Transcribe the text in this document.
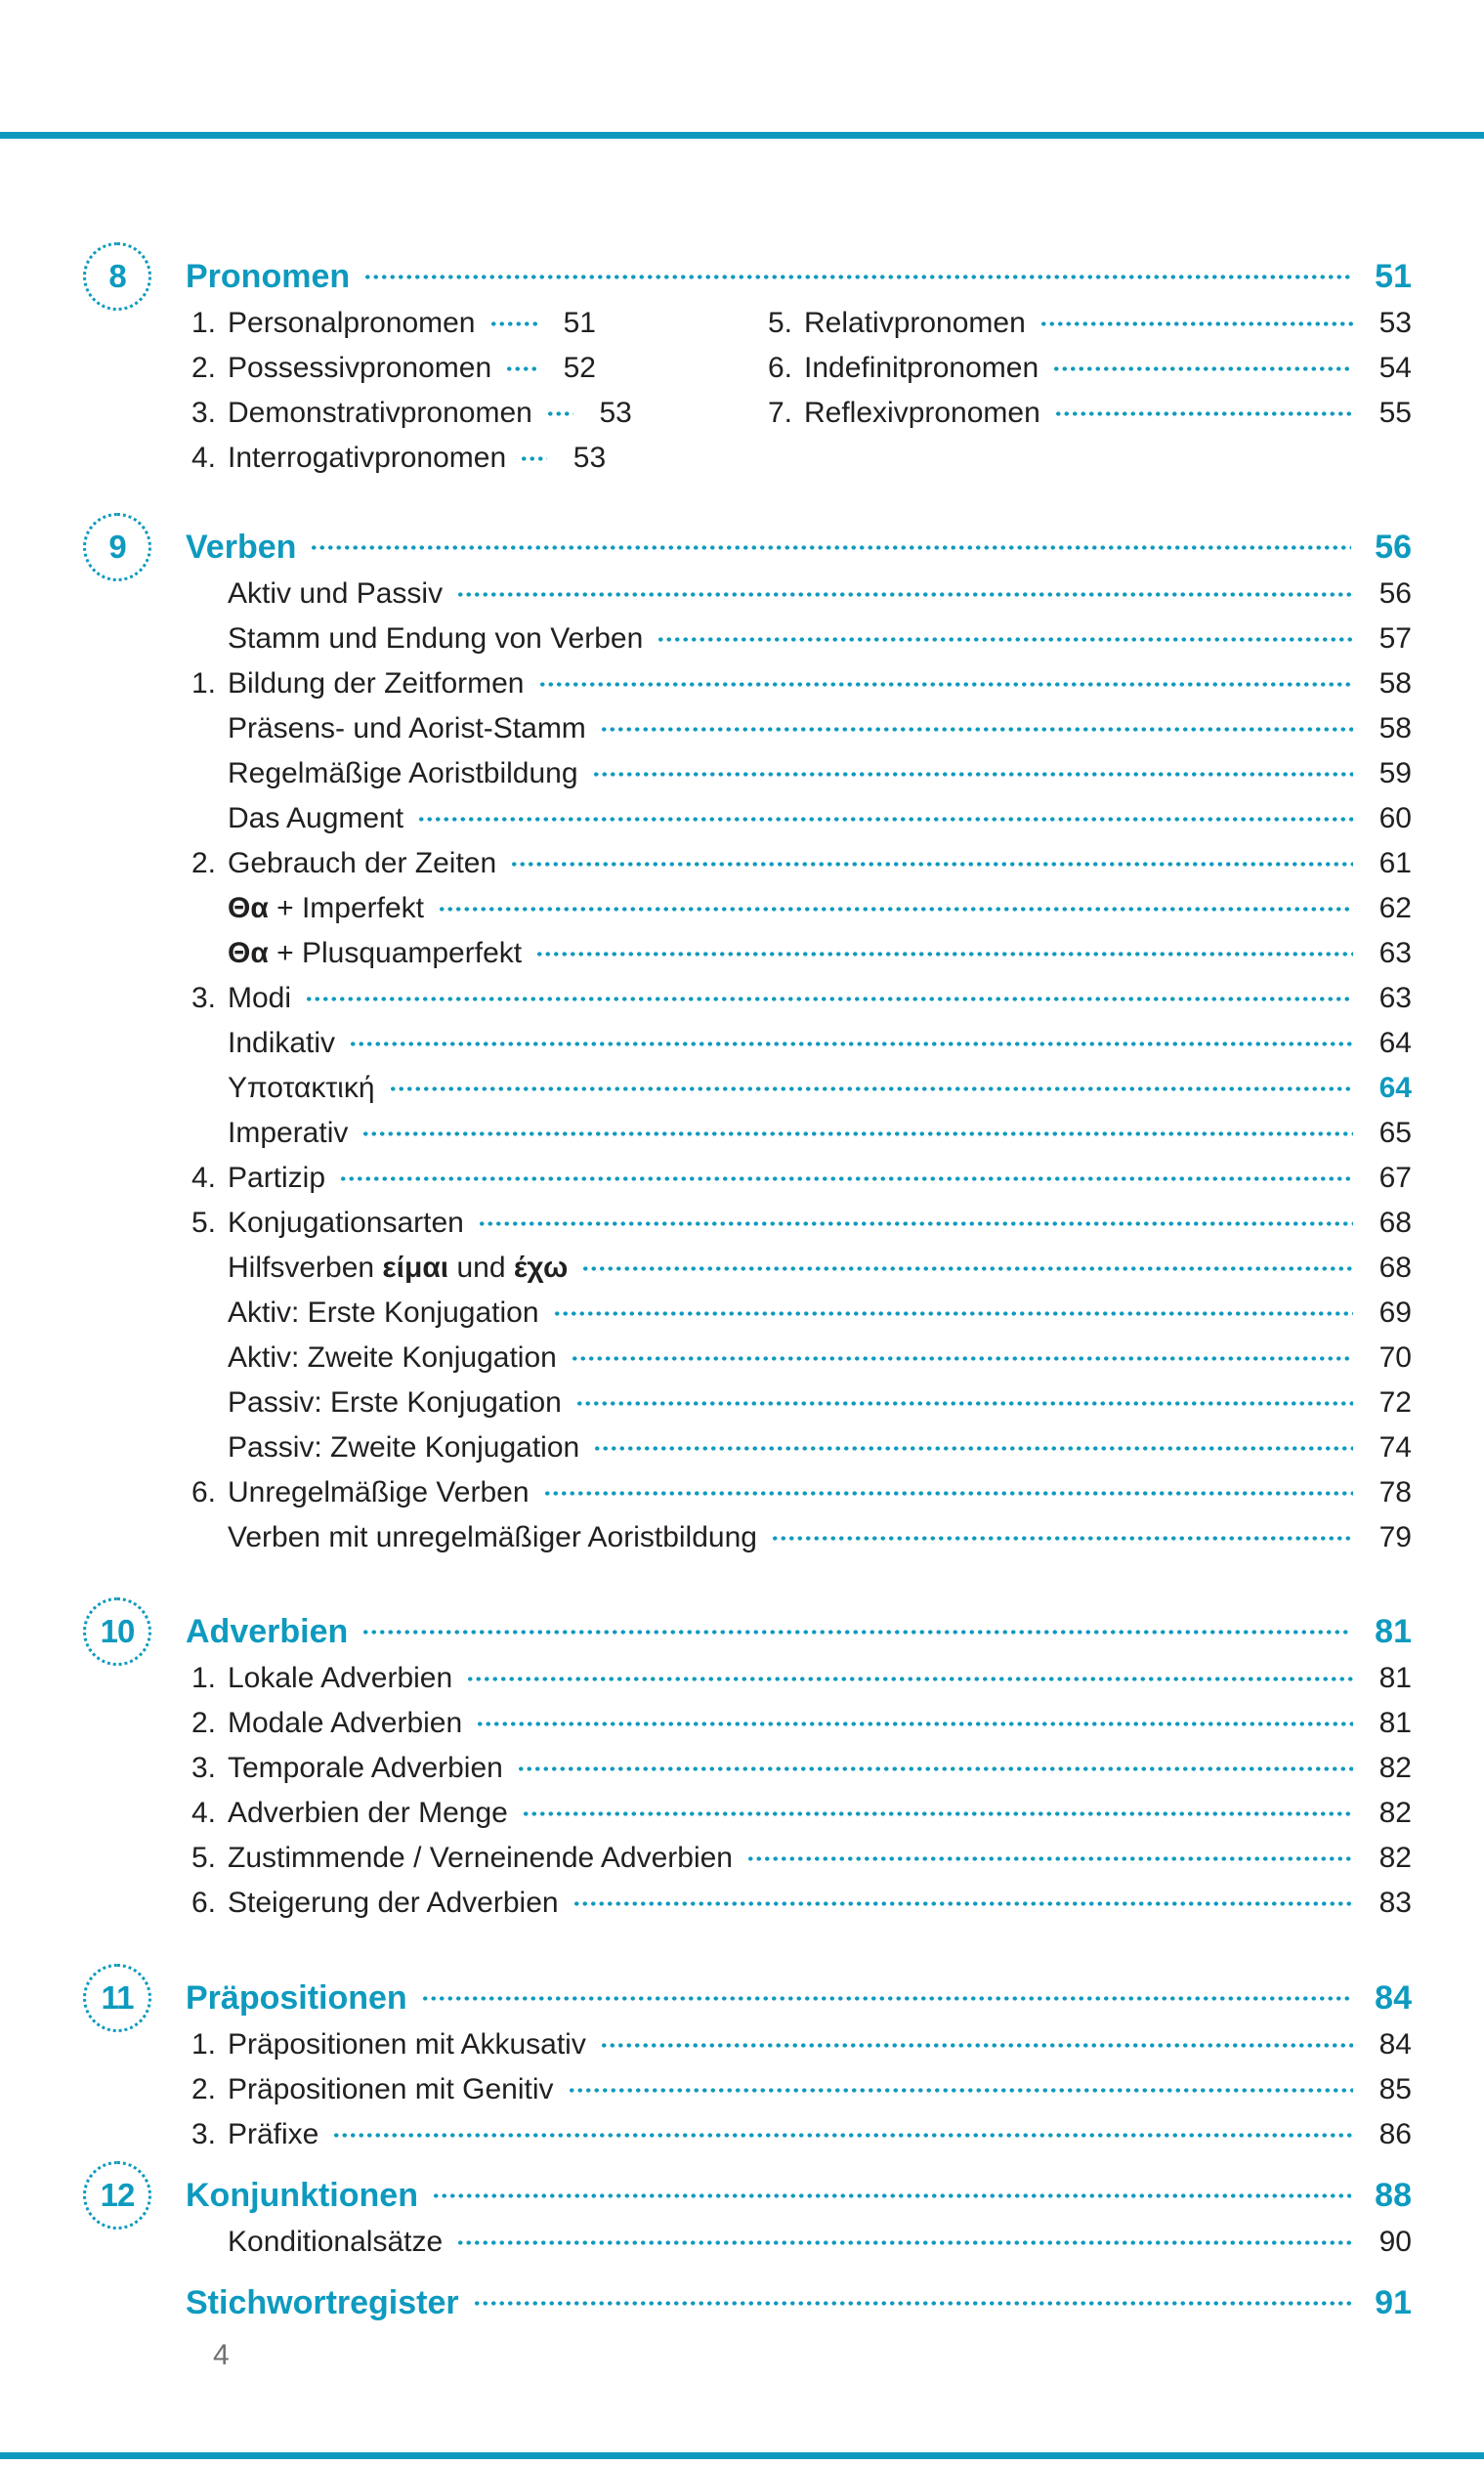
8	Pronomen	51
1. Personalpronomen	51
2. Possessivpronomen	52
3. Demonstrativpronomen	53
4. Interrogativpronomen	53
5. Relativpronomen	53
6. Indefinitpronomen	54
7. Reflexivpronomen	55
9	Verben	56
Aktiv und Passiv	56
Stamm und Endung von Verben	57
1. Bildung der Zeitformen	58
Präsens- und Aorist-Stamm	58
Regelmäßige Aoristbildung	59
Das Augment	60
2. Gebrauch der Zeiten	61
Θα + Imperfekt	62
Θα + Plusquamperfekt	63
3. Modi	63
Indikativ	64
Υποτακτική	64
Imperativ	65
4. Partizip	67
5. Konjugationsarten	68
Hilfsverben είμαι und έχω	68
Aktiv: Erste Konjugation	69
Aktiv: Zweite Konjugation	70
Passiv: Erste Konjugation	72
Passiv: Zweite Konjugation	74
6. Unregelmäßige Verben	78
Verben mit unregelmäßiger Aoristbildung	79
10	Adverbien	81
1. Lokale Adverbien	81
2. Modale Adverbien	81
3. Temporale Adverbien	82
4. Adverbien der Menge	82
5. Zustimmende / Verneinende Adverbien	82
6. Steigerung der Adverbien	83
11	Präpositionen	84
1. Präpositionen mit Akkusativ	84
2. Präpositionen mit Genitiv	85
3. Präfixe	86
12	Konjunktionen	88
Konditionalsätze	90
Stichwortregister	91
4
